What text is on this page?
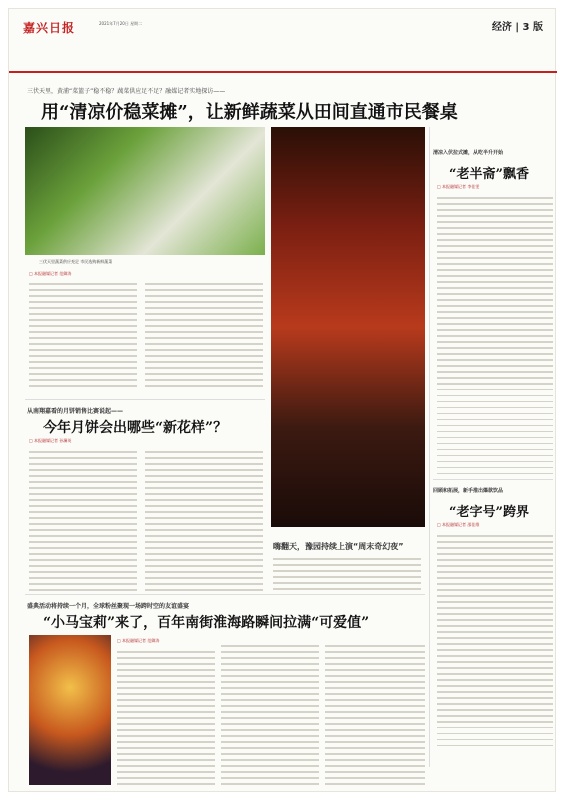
嘉兴日报	2021年7月20日 星期二	经济 | 3 版
三伏天里，黄浦“菜篮子”稳不稳？蔬菜供应足不足？融媒记者实地探访——
用“清凉价稳菜摊”，让新鲜蔬菜从田间直通市民餐桌
三伏天里蔬菜供应充足 市民选购新鲜蔬菜
□ 本报融媒记者 范卿涛
嗨翻天，豫园持续上演“周末奇幻夜”
清凉入伏拉式摊，从吃半升开始
“老半斋”飘香
□ 本报融媒记者 李佳雯
回顾和拓展，新手推出爆款饮品
“老字号”跨界
□ 本报融媒记者 邵佳维
从南翔嘉看的月饼销售比赛说起——
今年月饼会出哪些“新花样”？
□ 本报融媒记者 孙澜英
盛典活动将持续一个月，全球粉丝聚现一场跨时空的友谊盛宴
“小马宝莉”来了，百年南街淮海路瞬间拉满“可爱值”
□ 本报融媒记者 范卿涛
